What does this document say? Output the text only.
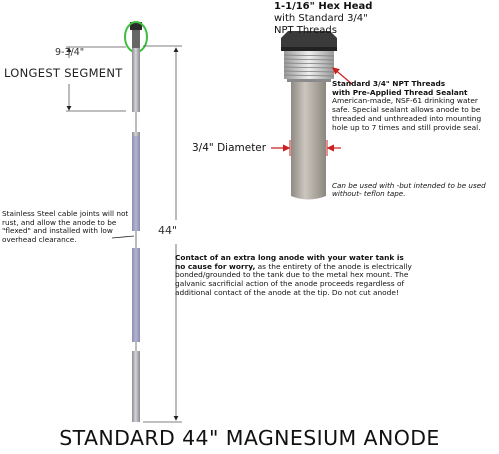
1-1/16" Hex Head

with Standard 3/4"

NPT Threads

9-3/4"

LONGEST SEGMENT

Standard 3/4" NPT Threads
with Pre-Applied Thread Sealant
American-made, NSF-61 drinking water safe. Special sealant allows anode to be threaded and unthreaded into mounting hole up to 7 times and still provide seal.

Can be used with -but intended to be used without- teflon tape.

3/4" Diameter

Stainless Steel cable joints will not rust, and allow the anode to be "flexed" and installed with low overhead clearance.

44"

Contact of an extra long anode with your water tank is no cause for worry, as the entirety of the anode is electrically bonded/grounded to the tank due to the metal hex mount. The galvanic sacrificial action of the anode proceeds regardless of additional contact of the anode at the tip. Do not cut anode!

STANDARD 44" MAGNESIUM ANODE
